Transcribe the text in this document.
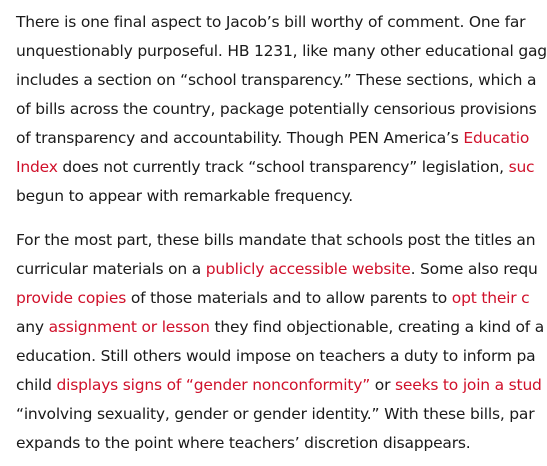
There is one final aspect to Jacob’s bill worthy of comment. One far
unquestionably purposeful. HB 1231, like many other educational gag
includes a section on “school transparency.” These sections, which a
of bills across the country, package potentially censorious provisions
of transparency and accountability. Though PEN America’s Educatio
Index does not currently track “school transparency” legislation, suc
begun to appear with remarkable frequency.
For the most part, these bills mandate that schools post the titles an
curricular materials on a publicly accessible website. Some also requ
provide copies of those materials and to allow parents to opt their c
any assignment or lesson they find objectionable, creating a kind of a
education. Still others would impose on teachers a duty to inform pa
child displays signs of “gender nonconformity” or seeks to join a stud
“involving sexuality, gender or gender identity.” With these bills, par
expands to the point where teachers’ discretion disappears.
